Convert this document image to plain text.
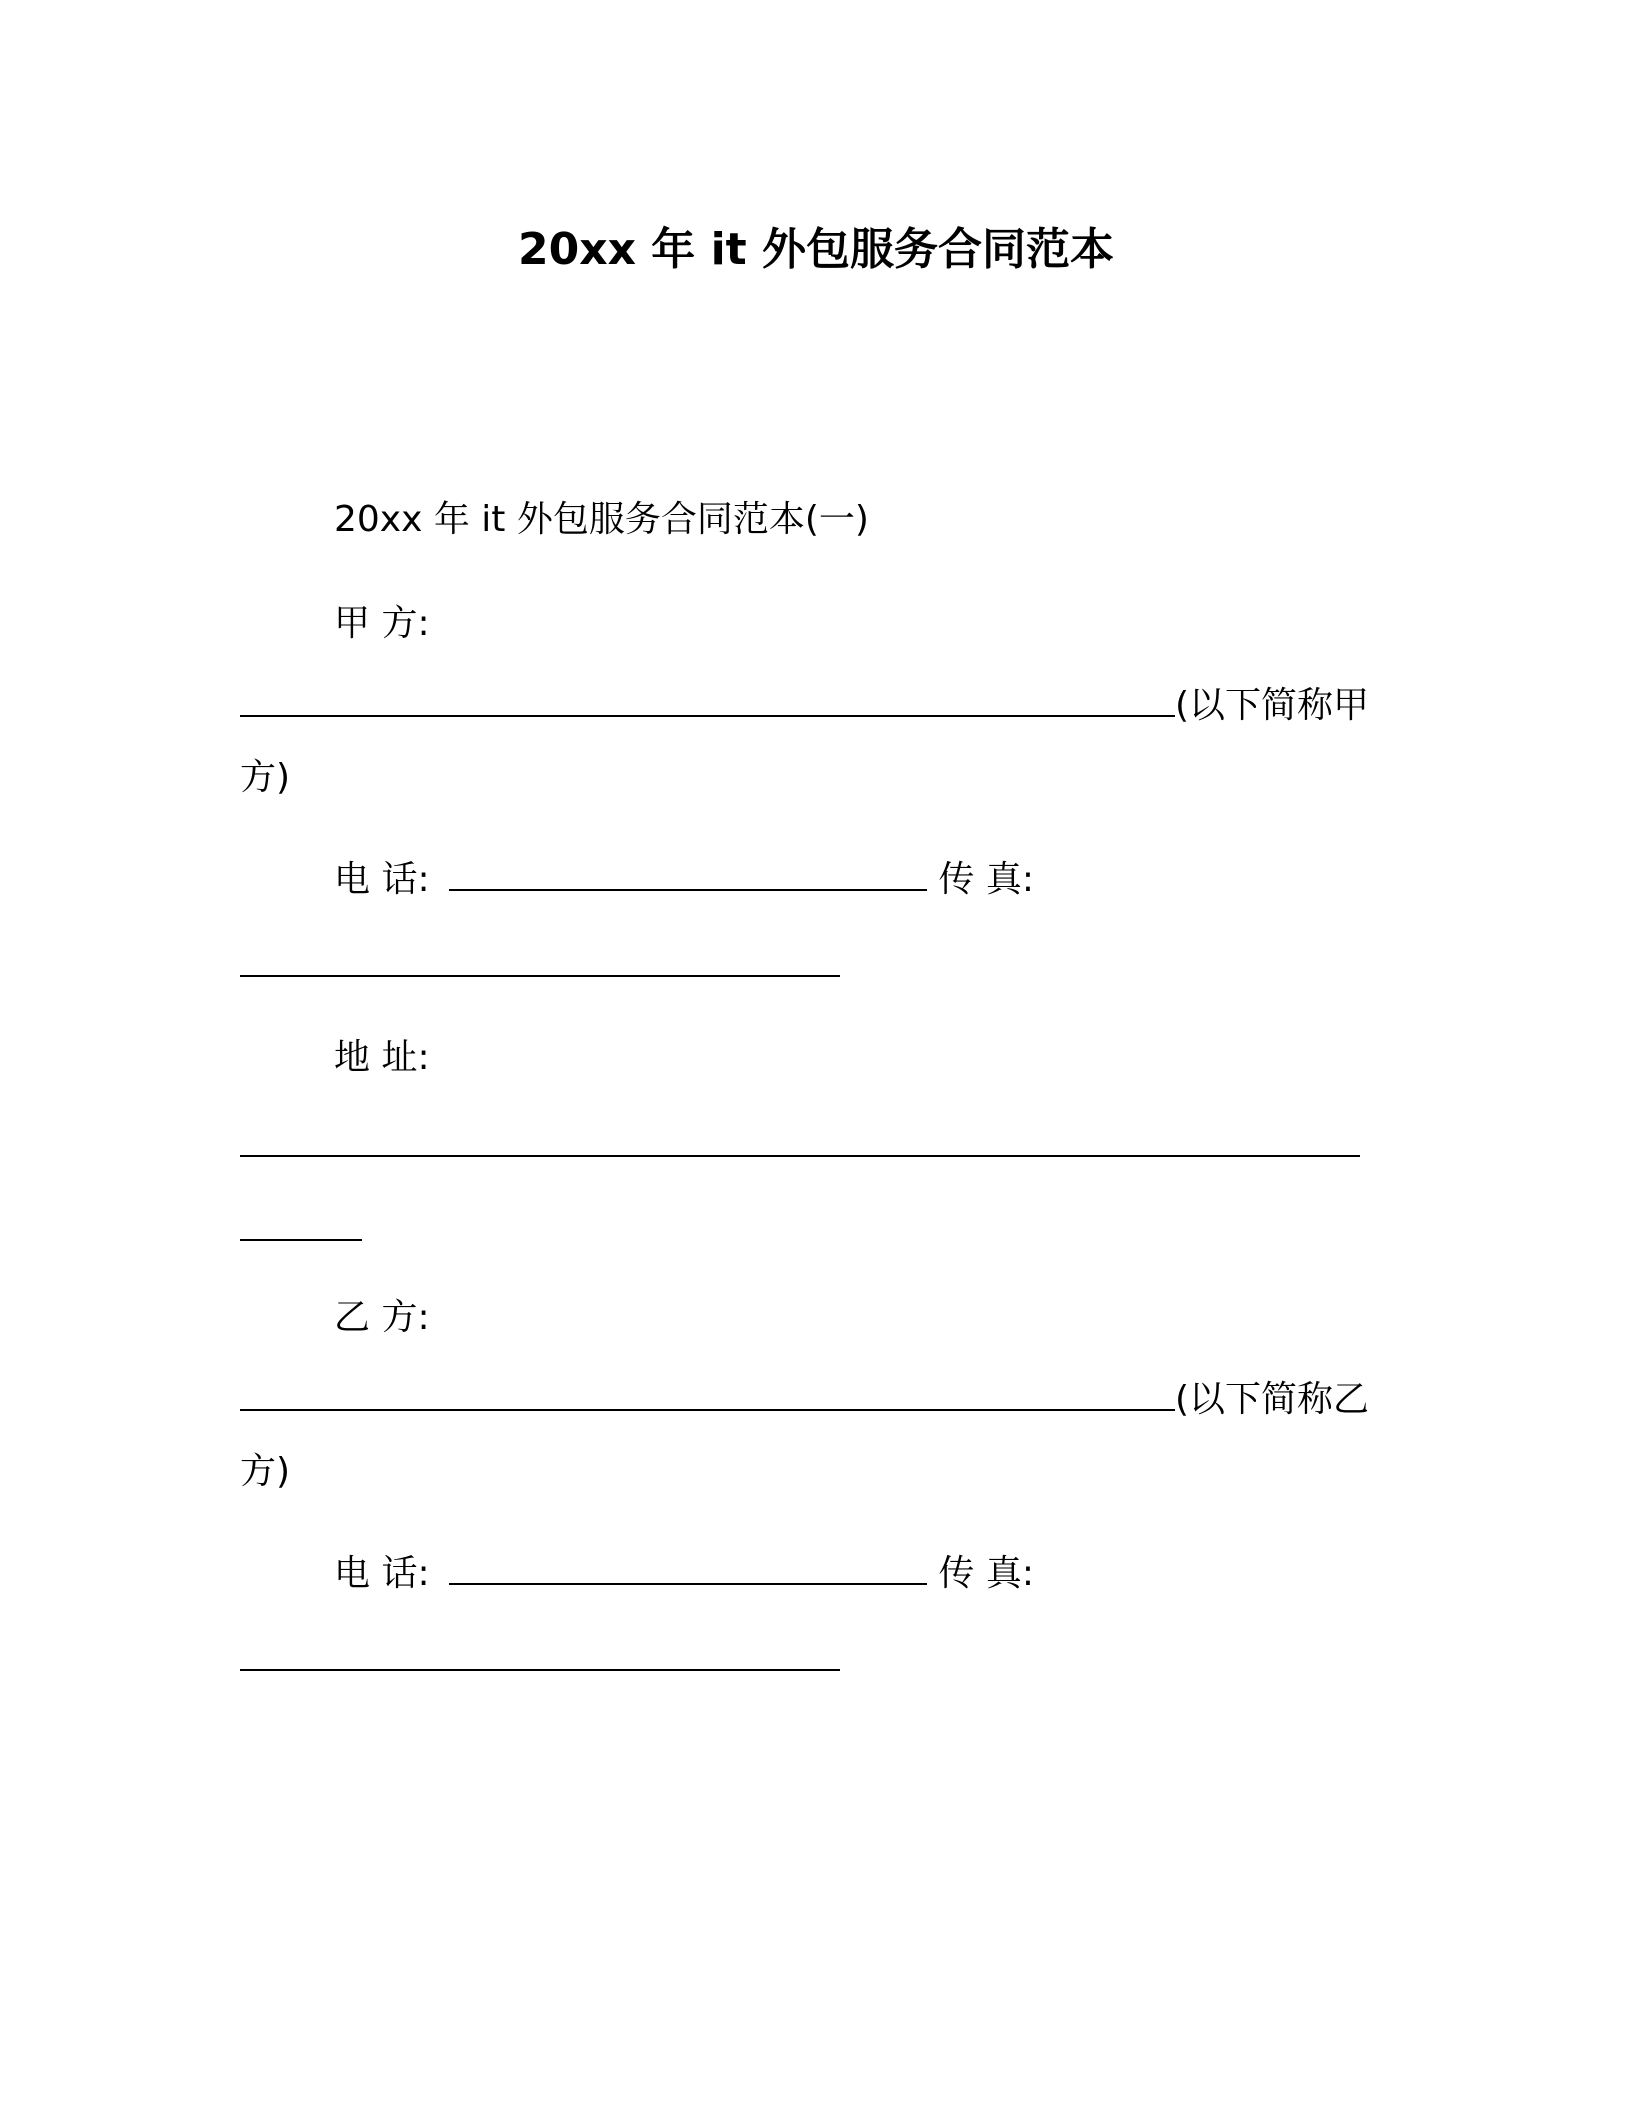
20xx 年 it 外包服务合同范本
20xx 年 it 外包服务合同范本(一)
甲 方:
(以下简称甲
方)
电 话:	传 真:
地 址:
乙 方:
(以下简称乙
方)
电 话:	传 真:
